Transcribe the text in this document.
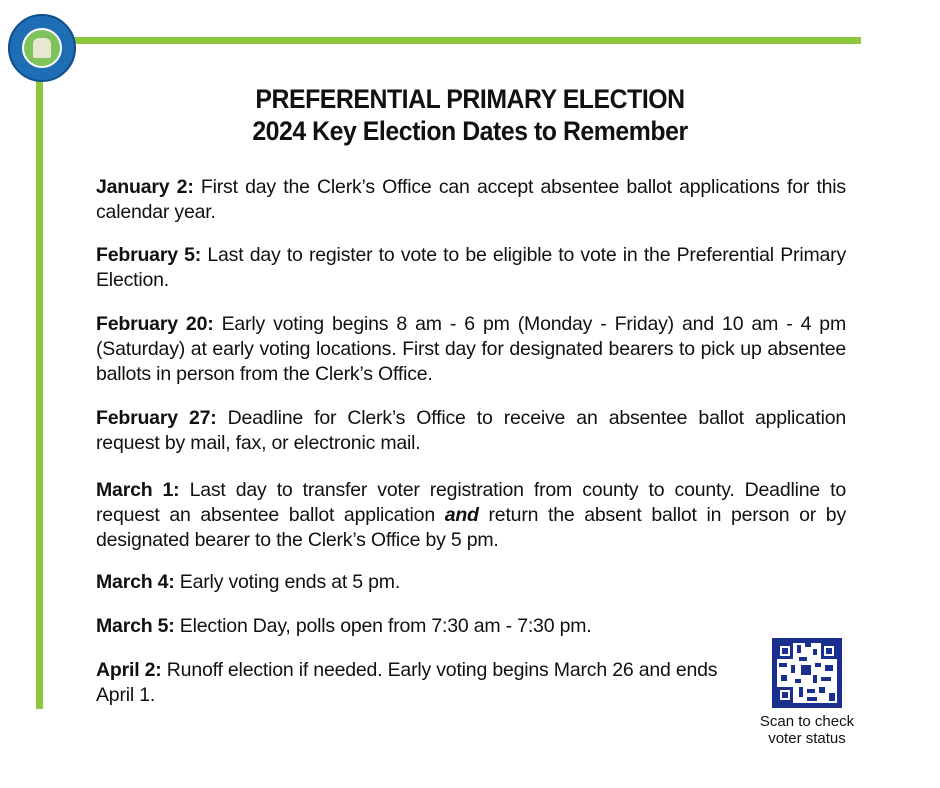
PREFERENTIAL PRIMARY ELECTION
2024 Key Election Dates to Remember
January 2: First day the Clerk’s Office can accept absentee ballot applications for this calendar year.
February 5: Last day to register to vote to be eligible to vote in the Preferential Primary Election.
February 20: Early voting begins 8 am - 6 pm (Monday - Friday) and 10 am - 4 pm (Saturday) at early voting locations. First day for designated bearers to pick up absentee ballots in person from the Clerk’s Office.
February 27: Deadline for Clerk’s Office to receive an absentee ballot application request by mail, fax, or electronic mail.
March 1: Last day to transfer voter registration from county to county. Deadline to request an absentee ballot application and return the absent ballot in person or by designated bearer to the Clerk’s Office by 5 pm.
March 4: Early voting ends at 5 pm.
March 5: Election Day, polls open from 7:30 am - 7:30 pm.
April 2: Runoff election if needed. Early voting begins March 26 and ends April 1.
Scan to check
voter status
